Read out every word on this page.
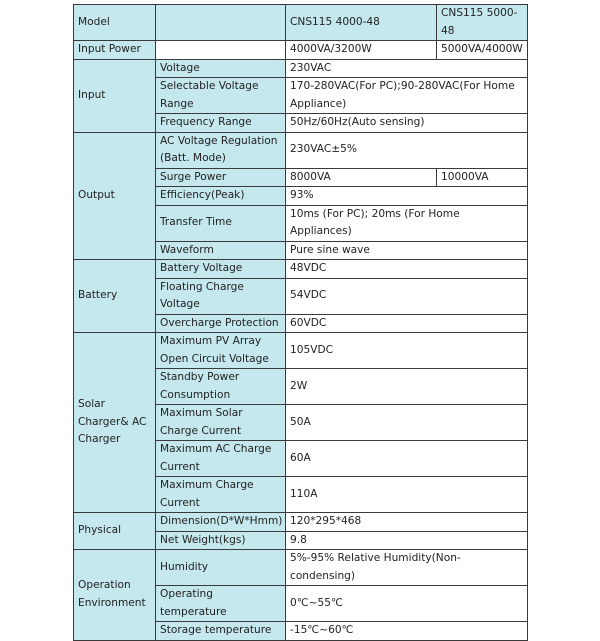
Model		CNS115 4000-48	CNS115 5000-48
Input Power		4000VA/3200W	5000VA/4000W
Input	Voltage	230VAC	
	Selectable Voltage Range	170-280VAC(For PC);90-280VAC(For Home Appliance)	
	Frequency Range	50Hz/60Hz(Auto sensing)	
Output	AC Voltage Regulation (Batt. Mode)	230VAC±5%	
	Surge Power	8000VA	10000VA
	Efficiency(Peak)	93%	
	Transfer Time	10ms (For PC); 20ms (For Home Appliances)	
	Waveform	Pure sine wave	
Battery	Battery Voltage	48VDC	
	Floating Charge Voltage	54VDC	
	Overcharge Protection	60VDC	
Solar Charger& AC Charger	Maximum PV Array Open Circuit Voltage	105VDC	
	Standby Power Consumption	2W	
	Maximum Solar Charge Current	50A	
	Maximum AC Charge Current	60A	
	Maximum Charge Current	110A	
Physical	Dimension(D*W*Hmm)	120*295*468	
	Net Weight(kgs)	9.8	
Operation Environment	Humidity	5%-95% Relative Humidity(Non-condensing)	
	Operating temperature	0℃~55℃	
	Storage temperature	-15℃~60℃	
